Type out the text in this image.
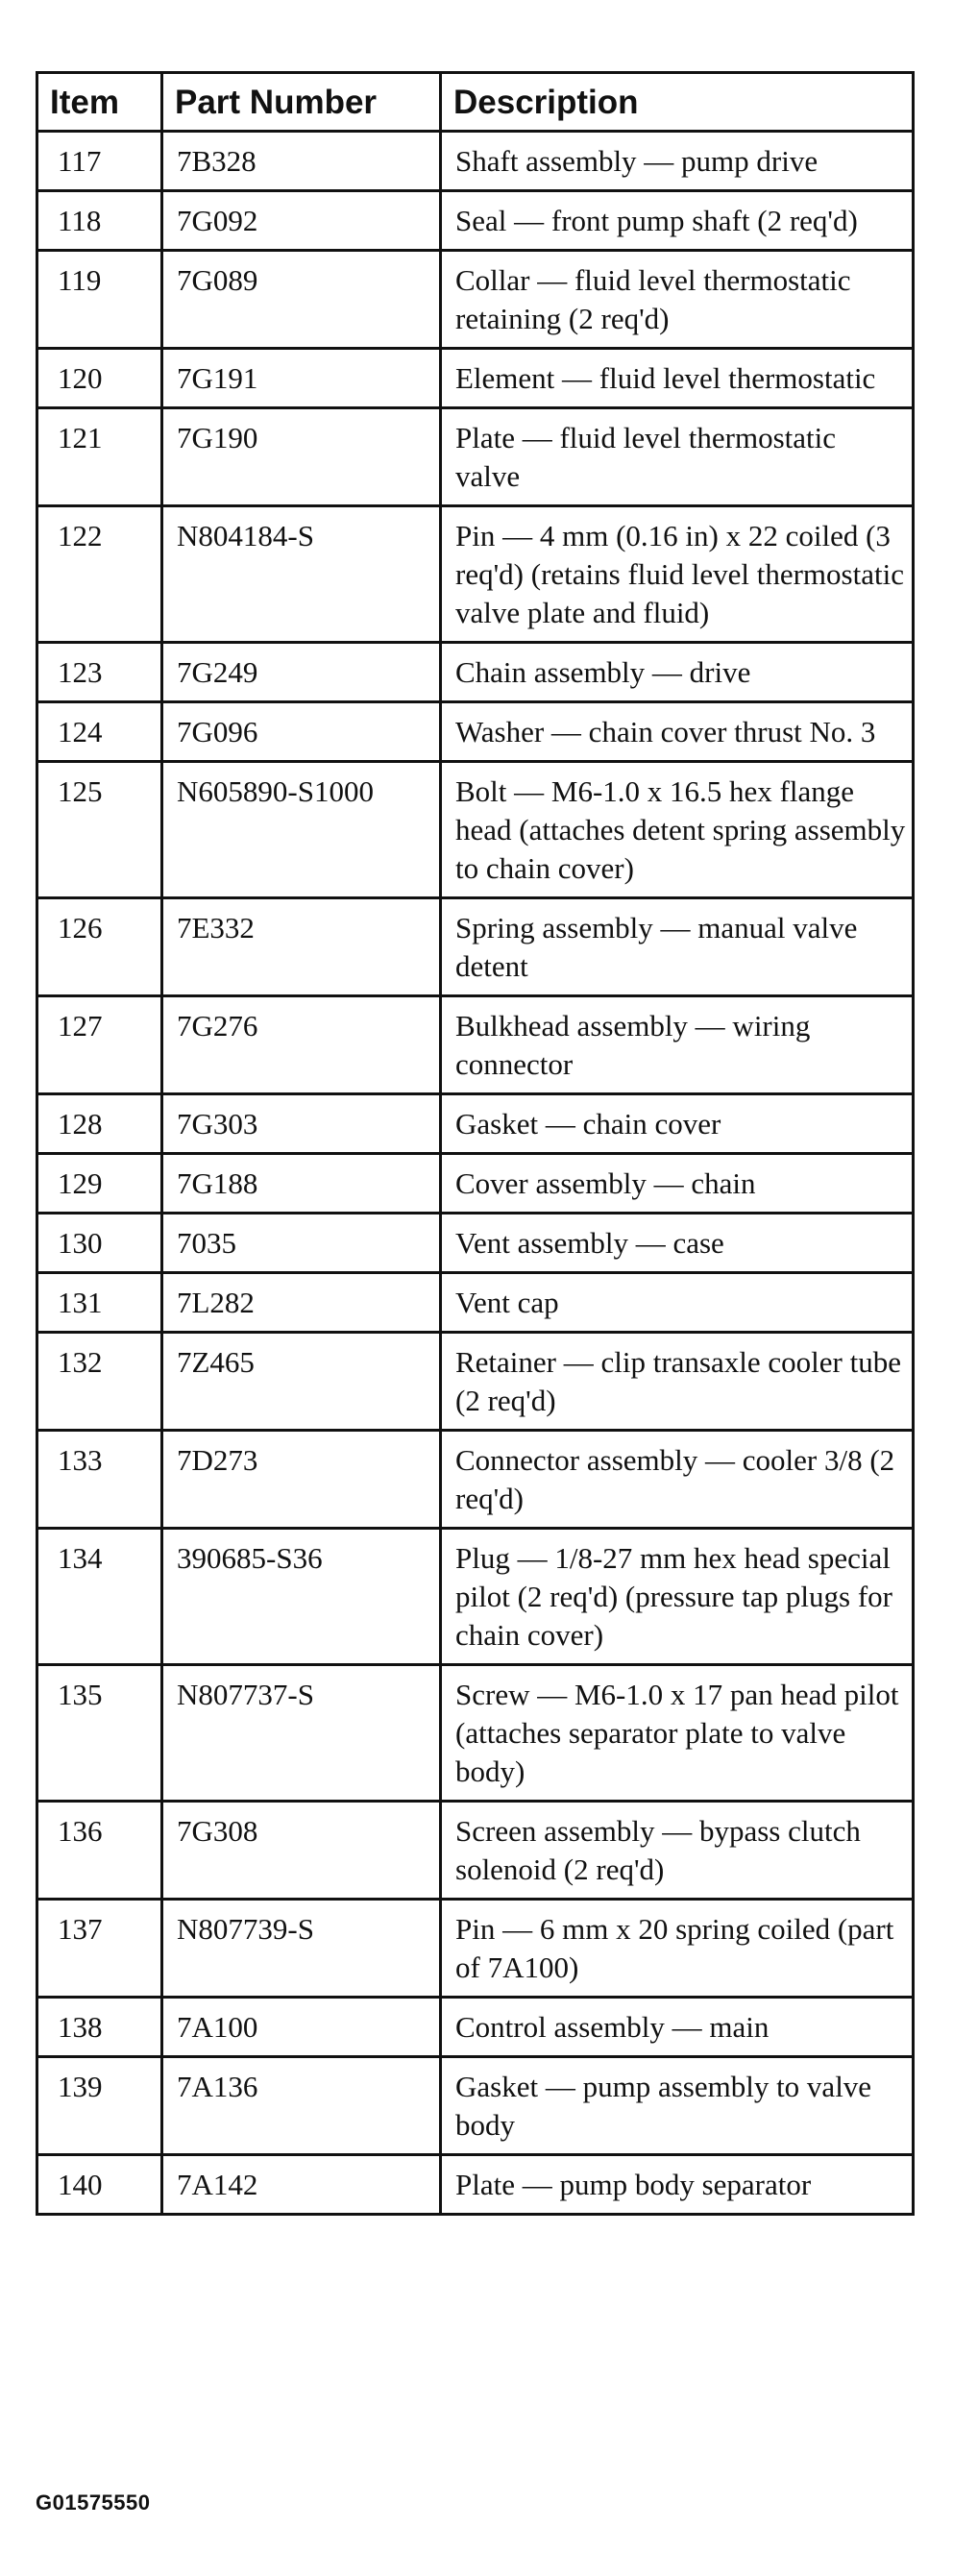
Item	Part Number	Description
117	7B328	Shaft assembly — pump drive
118	7G092	Seal — front pump shaft (2 req'd)
119	7G089	Collar — fluid level thermostatic retaining (2 req'd)
120	7G191	Element — fluid level thermostatic
121	7G190	Plate — fluid level thermostatic valve
122	N804184-S	Pin — 4 mm (0.16 in) x 22 coiled (3 req'd) (retains fluid level thermostatic valve plate and fluid)
123	7G249	Chain assembly — drive
124	7G096	Washer — chain cover thrust No. 3
125	N605890-S1000	Bolt — M6-1.0 x 16.5 hex flange head (attaches detent spring assembly to chain cover)
126	7E332	Spring assembly — manual valve detent
127	7G276	Bulkhead assembly — wiring connector
128	7G303	Gasket — chain cover
129	7G188	Cover assembly — chain
130	7035	Vent assembly — case
131	7L282	Vent cap
132	7Z465	Retainer — clip transaxle cooler tube (2 req'd)
133	7D273	Connector assembly — cooler 3/8 (2 req'd)
134	390685-S36	Plug — 1/8-27 mm hex head special pilot (2 req'd) (pressure tap plugs for chain cover)
135	N807737-S	Screw — M6-1.0 x 17 pan head pilot (attaches separator plate to valve body)
136	7G308	Screen assembly — bypass clutch solenoid (2 req'd)
137	N807739-S	Pin — 6 mm x 20 spring coiled (part of 7A100)
138	7A100	Control assembly — main
139	7A136	Gasket — pump assembly to valve body
140	7A142	Plate — pump body separator
G01575550
